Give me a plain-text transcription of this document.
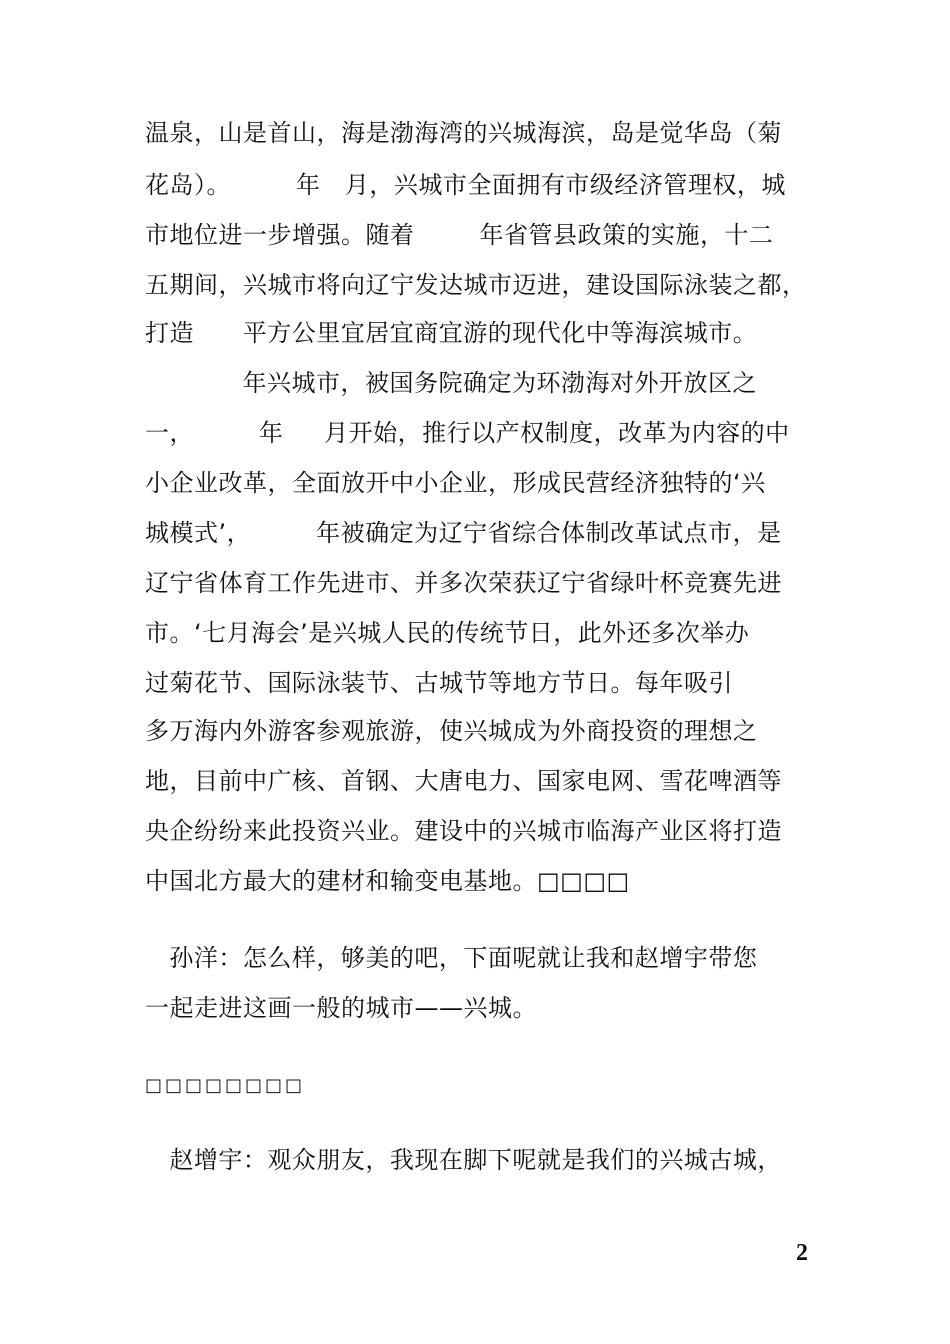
温泉，山是首山，海是渤海湾的兴城海滨，岛是觉华岛（菊
花岛）。        年   月，兴城市全面拥有市级经济管理权，城
市地位进一步增强。随着        年省管县政策的实施，十二
五期间，兴城市将向辽宁发达城市迈进，建设国际泳装之都，
打造      平方公里宜居宜商宜游的现代化中等海滨城市。
年兴城市，被国务院确定为环渤海对外开放区之
一，        年     月开始，推行以产权制度，改革为内容的中
小企业改革，全面放开中小企业，形成民营经济独特的‘兴
城模式’，        年被确定为辽宁省综合体制改革试点市，是
辽宁省体育工作先进市、并多次荣获辽宁省绿叶杯竞赛先进
市。‘七月海会’是兴城人民的传统节日，此外还多次举办
过菊花节、国际泳装节、古城节等地方节日。每年吸引
多万海内外游客参观旅游，使兴城成为外商投资的理想之
地，目前中广核、首钢、大唐电力、国家电网、雪花啤酒等
央企纷纷来此投资兴业。建设中的兴城市临海产业区将打造
中国北方最大的建材和输变电基地。□□□□
孙洋：怎么样，够美的吧，下面呢就让我和赵增宇带您
一起走进这画一般的城市——兴城。
□□□□□□□□
赵增宇：观众朋友，我现在脚下呢就是我们的兴城古城，
2
